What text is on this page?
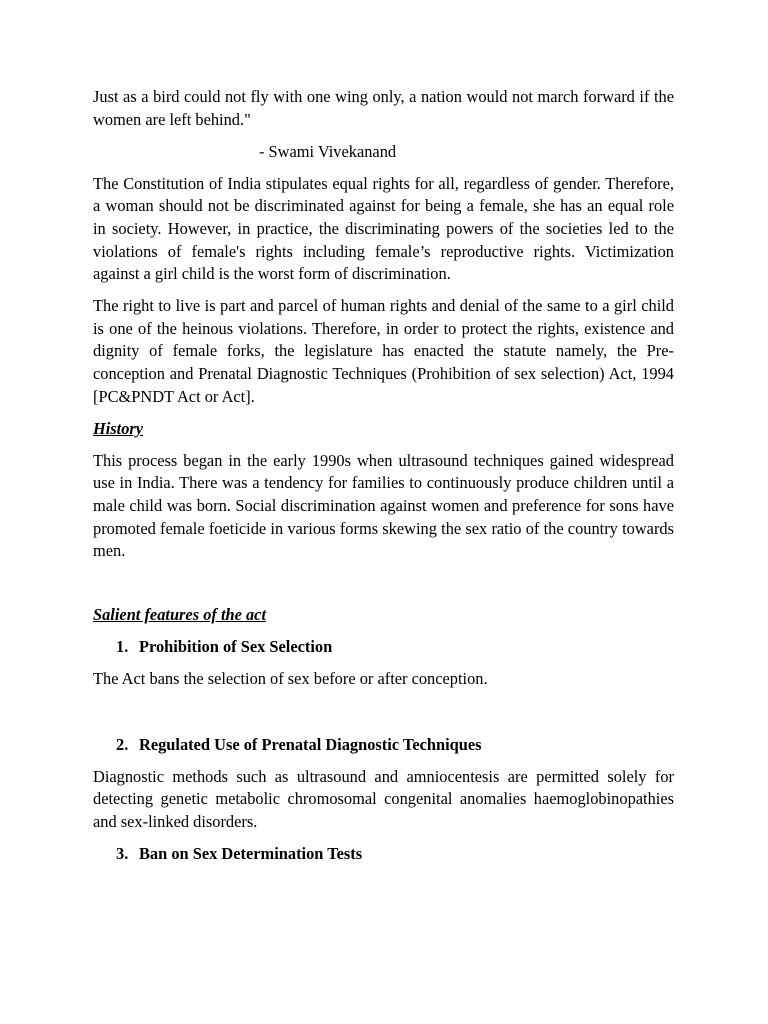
Just as a bird could not fly with one wing only, a nation would not march forward if the women are left behind."

- Swami Vivekanand

The Constitution of India stipulates equal rights for all, regardless of gender. Therefore, a woman should not be discriminated against for being a female, she has an equal role in society. However, in practice, the discriminating powers of the societies led to the violations of female's rights including female’s reproductive rights. Victimization against a girl child is the worst form of discrimination.

The right to live is part and parcel of human rights and denial of the same to a girl child is one of the heinous violations. Therefore, in order to protect the rights, existence and dignity of female forks, the legislature has enacted the statute namely, the Pre-conception and Prenatal Diagnostic Techniques (Prohibition of sex selection) Act, 1994 [PC&PNDT Act or Act].

History

This process began in the early 1990s when ultrasound techniques gained widespread use in India. There was a tendency for families to continuously produce children until a male child was born. Social discrimination against women and preference for sons have promoted female foeticide in various forms skewing the sex ratio of the country towards men.

Salient features of the act

1. Prohibition of Sex Selection

The Act bans the selection of sex before or after conception.

2. Regulated Use of Prenatal Diagnostic Techniques

Diagnostic methods such as ultrasound and amniocentesis are permitted solely for detecting genetic metabolic chromosomal congenital anomalies haemoglobinopathies and sex-linked disorders.

3. Ban on Sex Determination Tests
